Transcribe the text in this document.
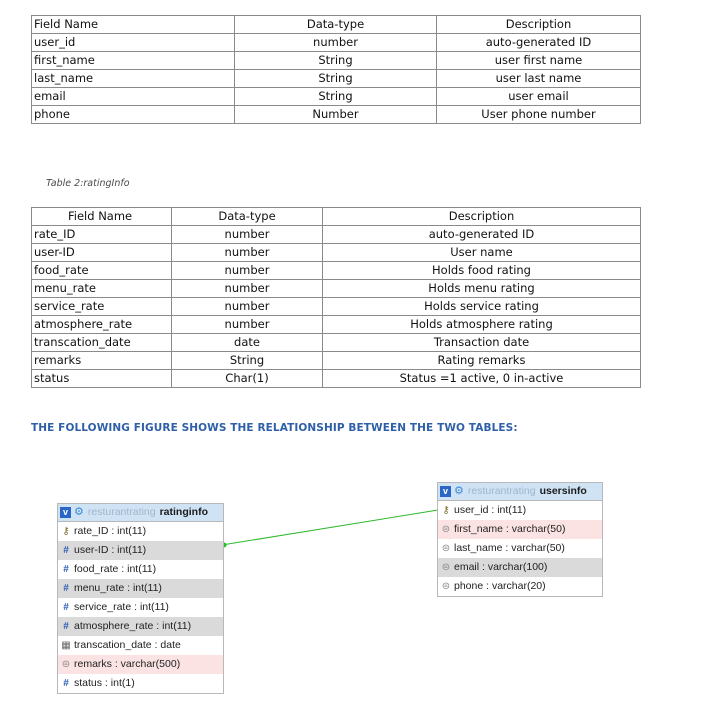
Field Name	Data-type	Description
user_id	number	auto-generated ID
first_name	String	user first name
last_name	String	user last name
email	String	user email
phone	Number	User phone number
Table 2:ratingInfo
Field Name	Data-type	Description
rate_ID	number	auto-generated ID
user-ID	number	User name
food_rate	number	Holds food rating
menu_rate	number	Holds menu rating
service_rate	number	Holds service rating
atmosphere_rate	number	Holds atmosphere rating
transcation_date	date	Transaction date
remarks	String	Rating remarks
status	Char(1)	Status =1 active, 0 in-active
THE FOLLOWING FIGURE SHOWS THE RELATIONSHIP BETWEEN THE TWO TABLES:
v ⚙ resturantrating ratinginfo
⚷ rate_ID : int(11)
# user-ID : int(11)
# food_rate : int(11)
# menu_rate : int(11)
# service_rate : int(11)
# atmosphere_rate : int(11)
▦ transcation_date : date
⊜ remarks : varchar(500)
# status : int(1)
v ⚙ resturantrating usersinfo
⚷ user_id : int(11)
⊜ first_name : varchar(50)
⊜ last_name : varchar(50)
⊜ email : varchar(100)
⊜ phone : varchar(20)
